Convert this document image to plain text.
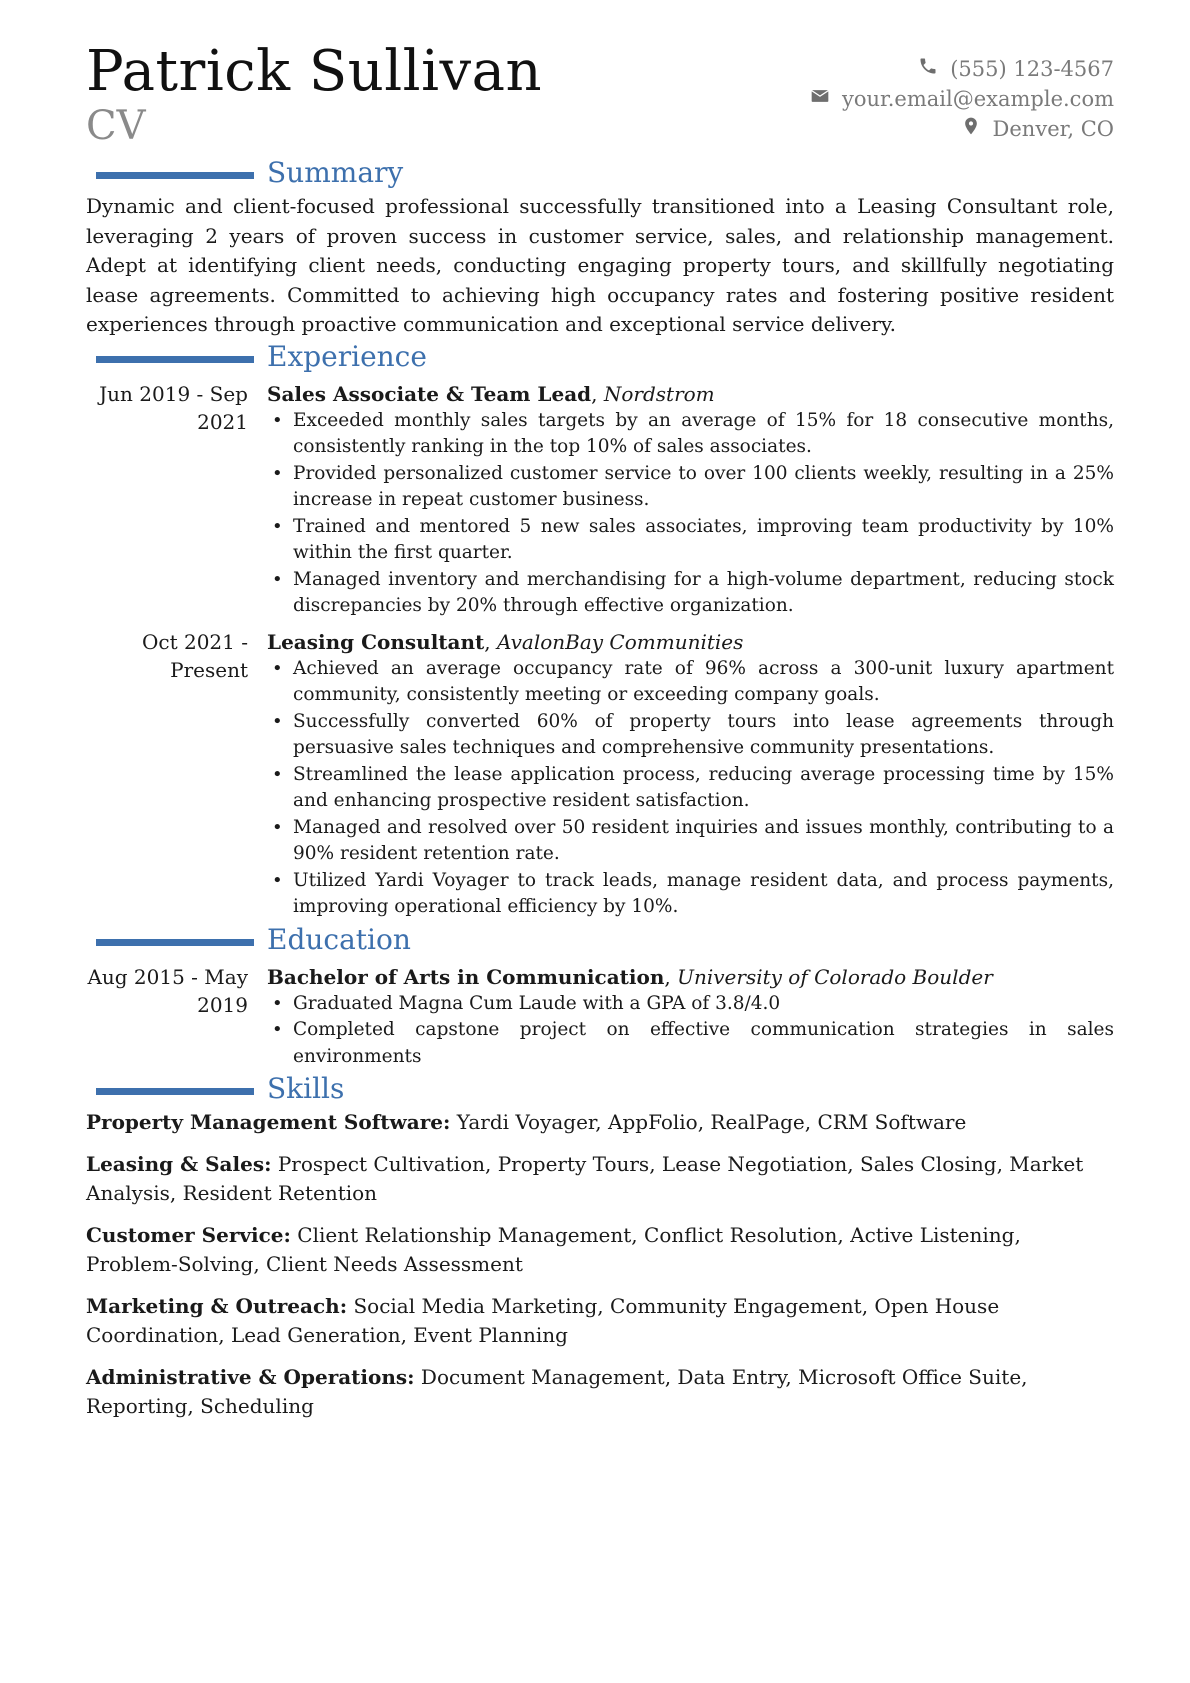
Patrick Sullivan
CV
(555) 123-4567
your.email@example.com
Denver, CO
Summary
Dynamic and client-focused professional successfully transitioned into a Leasing Consultant role, leveraging 2 years of proven success in customer service, sales, and relationship management. Adept at identifying client needs, conducting engaging property tours, and skillfully negotiating lease agreements. Committed to achieving high occupancy rates and fostering positive resident experiences through proactive communication and exceptional service delivery.
Experience
Jun 2019 - Sep 2021
Sales Associate & Team Lead, Nordstrom
• Exceeded monthly sales targets by an average of 15% for 18 consecutive months, consistently ranking in the top 10% of sales associates.
• Provided personalized customer service to over 100 clients weekly, resulting in a 25% increase in repeat customer business.
• Trained and mentored 5 new sales associates, improving team productivity by 10% within the first quarter.
• Managed inventory and merchandising for a high-volume department, reducing stock discrepancies by 20% through effective organization.
Oct 2021 - Present
Leasing Consultant, AvalonBay Communities
• Achieved an average occupancy rate of 96% across a 300-unit luxury apartment community, consistently meeting or exceeding company goals.
• Successfully converted 60% of property tours into lease agreements through persuasive sales techniques and comprehensive community presentations.
• Streamlined the lease application process, reducing average processing time by 15% and enhancing prospective resident satisfaction.
• Managed and resolved over 50 resident inquiries and issues monthly, contributing to a 90% resident retention rate.
• Utilized Yardi Voyager to track leads, manage resident data, and process payments, improving operational efficiency by 10%.
Education
Aug 2015 - May 2019
Bachelor of Arts in Communication, University of Colorado Boulder
• Graduated Magna Cum Laude with a GPA of 3.8/4.0
• Completed capstone project on effective communication strategies in sales environments
Skills
Property Management Software: Yardi Voyager, AppFolio, RealPage, CRM Software
Leasing & Sales: Prospect Cultivation, Property Tours, Lease Negotiation, Sales Closing, Market Analysis, Resident Retention
Customer Service: Client Relationship Management, Conflict Resolution, Active Listening, Problem-Solving, Client Needs Assessment
Marketing & Outreach: Social Media Marketing, Community Engagement, Open House Coordination, Lead Generation, Event Planning
Administrative & Operations: Document Management, Data Entry, Microsoft Office Suite, Reporting, Scheduling
